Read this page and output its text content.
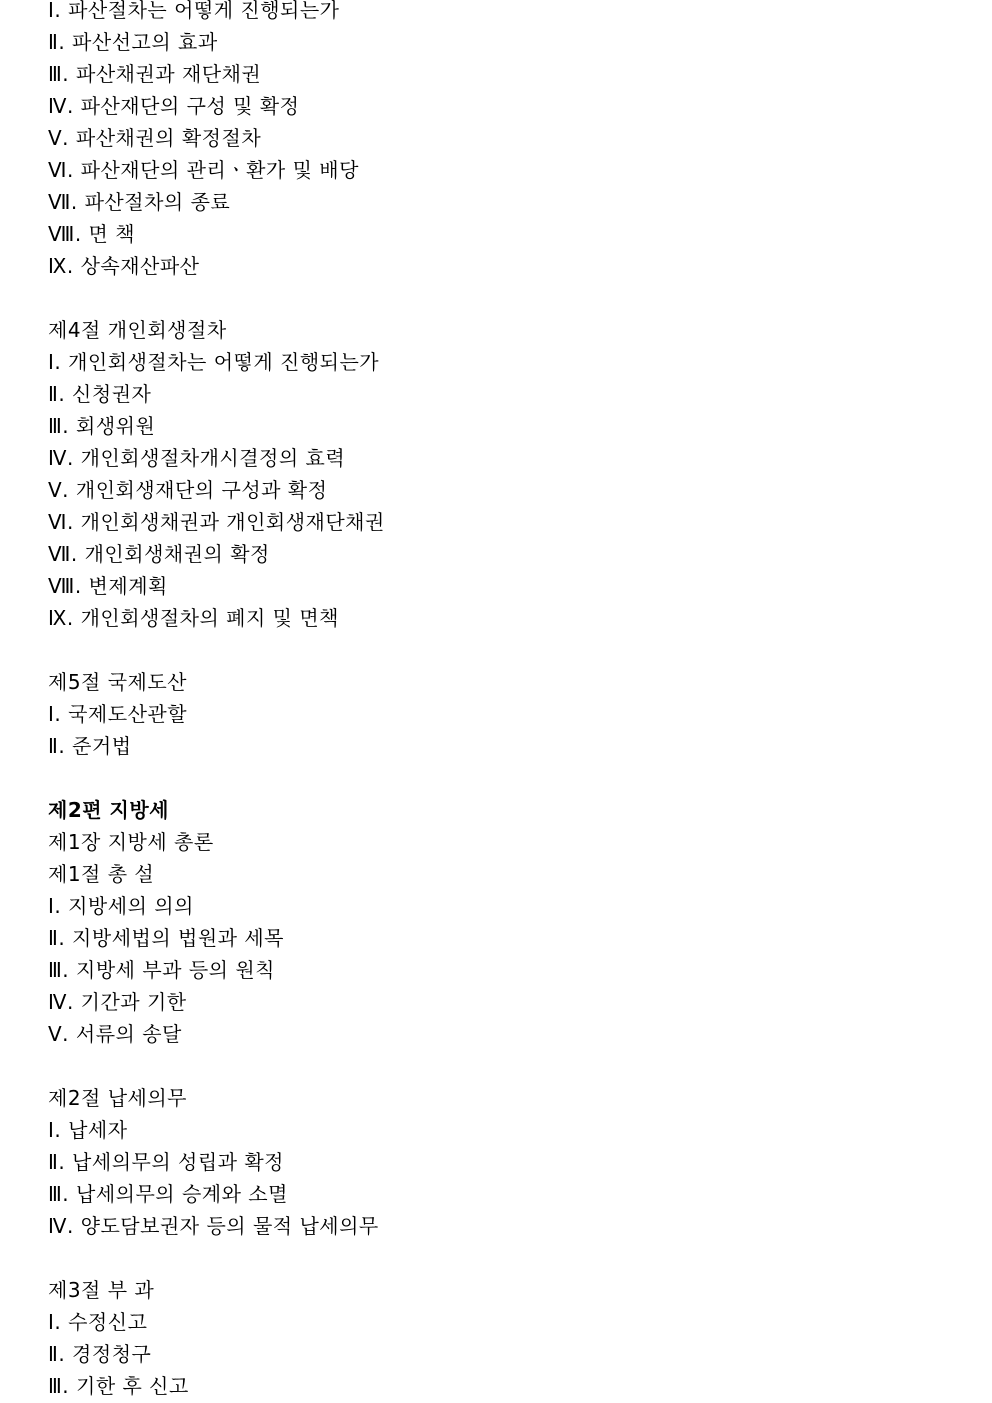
Ⅰ. 파산절차는 어떻게 진행되는가
Ⅱ. 파산선고의 효과
Ⅲ. 파산채권과 재단채권
Ⅳ. 파산재단의 구성 및 확정
Ⅴ. 파산채권의 확정절차
Ⅵ. 파산재단의 관리ㆍ환가 및 배당
Ⅶ. 파산절차의 종료
Ⅷ. 면 책
Ⅸ. 상속재산파산
제4절 개인회생절차
Ⅰ. 개인회생절차는 어떻게 진행되는가
Ⅱ. 신청권자
Ⅲ. 회생위원
Ⅳ. 개인회생절차개시결정의 효력
Ⅴ. 개인회생재단의 구성과 확정
Ⅵ. 개인회생채권과 개인회생재단채권
Ⅶ. 개인회생채권의 확정
Ⅷ. 변제계획
Ⅸ. 개인회생절차의 폐지 및 면책
제5절 국제도산
Ⅰ. 국제도산관할
Ⅱ. 준거법
제2편 지방세
제1장 지방세 총론
제1절 총 설
Ⅰ. 지방세의 의의
Ⅱ. 지방세법의 법원과 세목
Ⅲ. 지방세 부과 등의 원칙
Ⅳ. 기간과 기한
Ⅴ. 서류의 송달
제2절 납세의무
Ⅰ. 납세자
Ⅱ. 납세의무의 성립과 확정
Ⅲ. 납세의무의 승계와 소멸
Ⅳ. 양도담보권자 등의 물적 납세의무
제3절 부 과
Ⅰ. 수정신고
Ⅱ. 경정청구
Ⅲ. 기한 후 신고
